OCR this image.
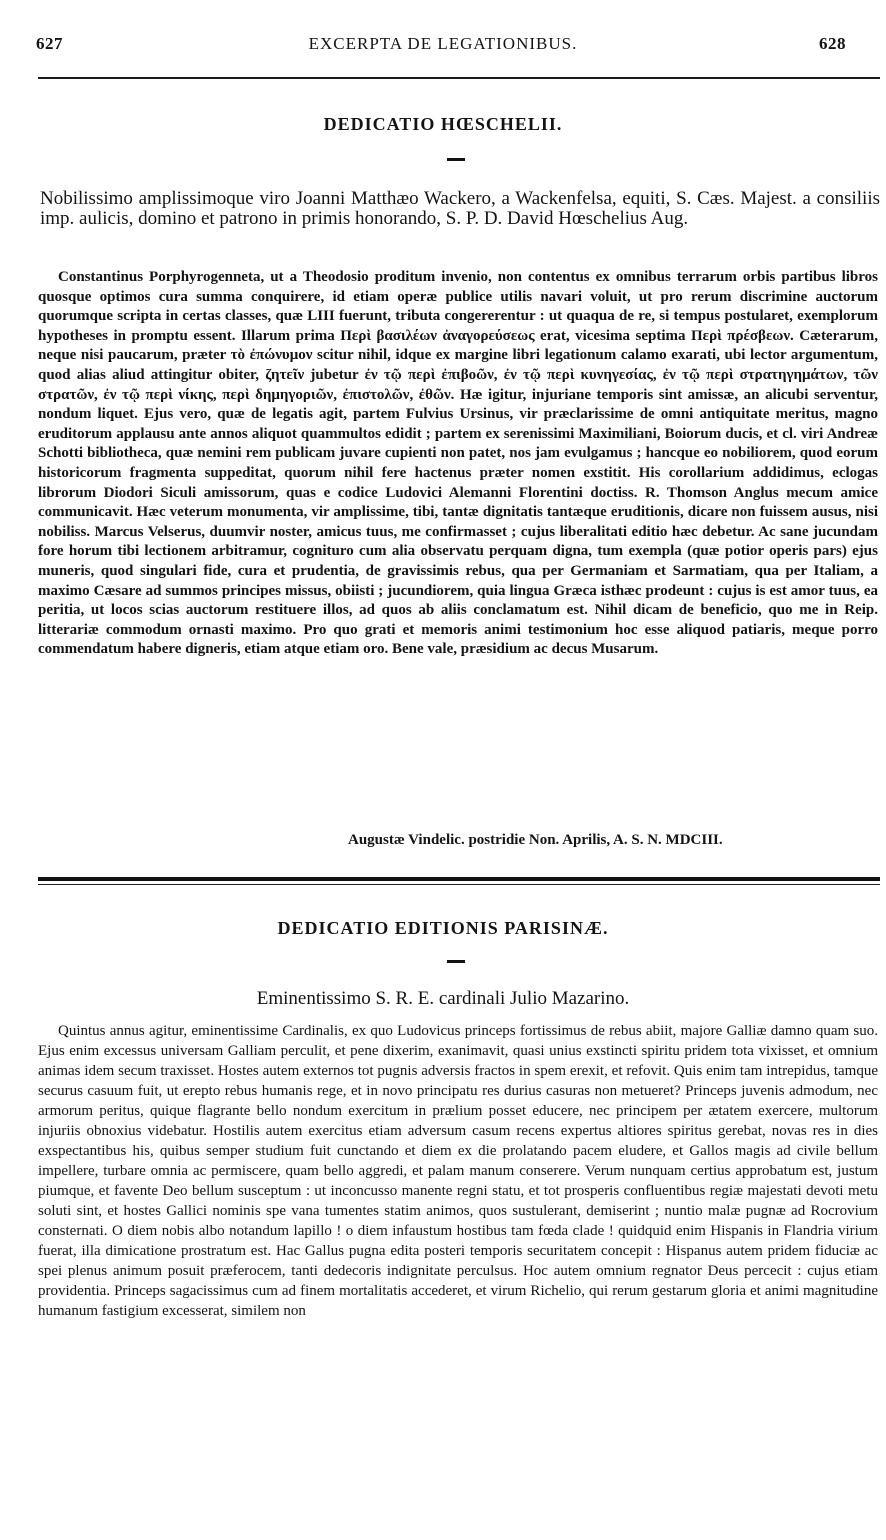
627	EXCERPTA DE LEGATIONIBUS.	628
DEDICATIO HŒSCHELII.

Nobilissimo amplissimoque viro Joanni Matthæo Wackero, a Wackenfelsa, equiti, S. Cæs. Majest. a consiliis imp. aulicis, domino et patrono in primis honorando, S. P. D. David Hœschelius Aug.

Constantinus Porphyrogenneta, ut a Theodosio proditum invenio, non contentus ex omnibus terrarum orbis partibus libros quosque optimos cura summa conquirere, id etiam operæ publice utilis navari voluit, ut pro rerum discrimine auctorum quorumque scripta in certas classes, quæ LIII fuerunt, tributa congererentur : ut quaqua de re, si tempus postularet, exemplorum hypotheses in promptu essent. Illarum prima Περὶ βασιλέων ἀναγορεύσεως erat, vicesima septima Περὶ πρέσβεων. Cæterarum, neque nisi paucarum, præter τὸ ἐπώνυμον scitur nihil, idque ex margine libri legationum calamo exarati, ubi lector argumentum, quod alias aliud attingitur obiter, ζητεῖν jubetur ἐν τῷ περὶ ἐπιβοῶν, ἐν τῷ περὶ κυνηγεσίας, ἐν τῷ περὶ στρατηγημάτων, τῶν στρατῶν, ἐν τῷ περὶ νίκης, περὶ δημηγοριῶν, ἐπιστολῶν, ἐθῶν. Hæ igitur, injuriane temporis sint amissæ, an alicubi serventur, nondum liquet. Ejus vero, quæ de legatis agit, partem Fulvius Ursinus, vir præclarissime de omni antiquitate meritus, magno eruditorum applausu ante annos aliquot quammultos edidit ; partem ex serenissimi Maximiliani, Boiorum ducis, et cl. viri Andreæ Schotti bibliotheca, quæ nemini rem publicam juvare cupienti non patet, nos jam evulgamus ; hancque eo nobiliorem, quod eorum historicorum fragmenta suppeditat, quorum nihil fere hactenus præter nomen exstitit. His corollarium addidimus, eclogas librorum Diodori Siculi amissorum, quas e codice Ludovici Alemanni Florentini doctiss. R. Thomson Anglus mecum amice communicavit. Hæc veterum monumenta, vir amplissime, tibi, tantæ dignitatis tantæque eruditionis, dicare non fuissem ausus, nisi nobiliss. Marcus Velserus, duumvir noster, amicus tuus, me confirmasset ; cujus liberalitati editio hæc debetur. Ac sane jucundam fore horum tibi lectionem arbitramur, cognituro cum alia observatu perquam digna, tum exempla (quæ potior operis pars) ejus muneris, quod singulari fide, cura et prudentia, de gravissimis rebus, qua per Germaniam et Sarmatiam, qua per Italiam, a maximo Cæsare ad summos principes missus, obiisti ; jucundiorem, quia lingua Græca isthæc prodeunt : cujus is est amor tuus, ea peritia, ut locos scias auctorum restituere illos, ad quos ab aliis conclamatum est. Nihil dicam de beneficio, quo me in Reip. litterariæ commodum ornasti maximo. Pro quo grati et memoris animi testimonium hoc esse aliquod patiaris, meque porro commendatum habere digneris, etiam atque etiam oro. Bene vale, præsidium ac decus Musarum.

Augustæ Vindelic. postridie Non. Aprilis, A. S. N. MDCIII.
DEDICATIO EDITIONIS PARISINÆ.
Eminentissimo S. R. E. cardinali Julio Mazarino.

Quintus annus agitur, eminentissime Cardinalis, ex quo Ludovicus princeps fortissimus de rebus abiit, majore Galliæ damno quam suo. Ejus enim excessus universam Galliam perculit, et pene dixerim, exanimavit, quasi unius exstincti spiritu pridem tota vixisset, et omnium animas idem secum traxisset. Hostes autem externos tot pugnis adversis fractos in spem erexit, et refovit. Quis enim tam intrepidus, tamque securus casuum fuit, ut erepto rebus humanis rege, et in novo principatu res durius casuras non metueret? Princeps juvenis admodum, nec armorum peritus, quique flagrante bello nondum exercitum in prælium posset educere, nec principem per ætatem exercere, multorum injuriis obnoxius videbatur. Hostilis autem exercitus etiam adversum casum recens expertus altiores spiritus gerebat, novas res in dies exspectantibus his, quibus semper studium fuit cunctando et diem ex die prolatando pacem eludere, et Gallos magis ad civile bellum impellere, turbare omnia ac permiscere, quam bello aggredi, et palam manum conserere. Verum nunquam certius approbatum est, justum piumque, et favente Deo bellum susceptum : ut inconcusso manente regni statu, et tot prosperis confluentibus regiæ majestati devoti metu soluti sint, et hostes Gallici nominis spe vana tumentes statim animos, quos sustulerant, demiserint ; nuntio malæ pugnæ ad Rocrovium consternati. O diem nobis albo notandum lapillo ! o diem infaustum hostibus tam fœda clade ! quidquid enim Hispanis in Flandria virium fuerat, illa dimicatione prostratum est. Hac Gallus pugna edita posteri temporis securitatem concepit : Hispanus autem pridem fiduciæ ac spei plenus animum posuit præferocem, tanti dedecoris indignitate perculsus. Hoc autem omnium regnator Deus percecit : cujus etiam providentia. Princeps sagacissimus cum ad finem mortalitatis accederet, et virum Richelio, qui rerum gestarum gloria et animi magnitudine humanum fastigium excesserat, similem non
